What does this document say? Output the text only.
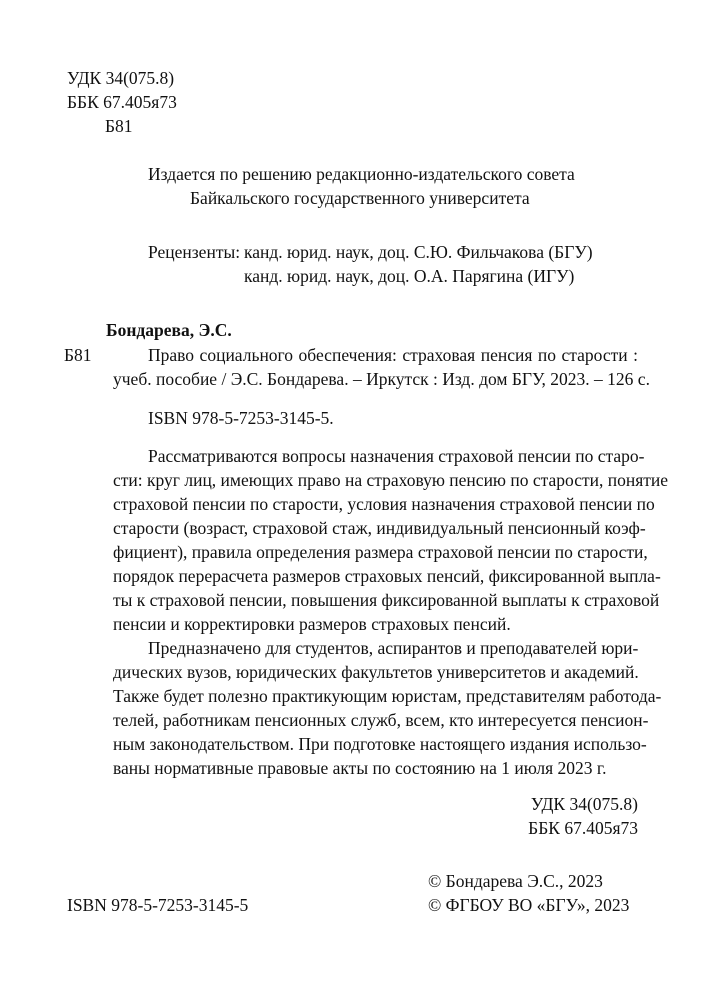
УДК 34(075.8)
ББК 67.405я73
Б81
Издается по решению редакционно-издательского совета
Байкальского государственного университета
Рецензенты: канд. юрид. наук, доц. С.Ю. Фильчакова (БГУ)
канд. юрид. наук, доц. О.А. Парягина (ИГУ)
Бондарева, Э.С.
Б81	Право социального обеспечения: страховая пенсия по старости :
учеб. пособие / Э.С. Бондарева. – Иркутск : Изд. дом БГУ, 2023. – 126 с.
ISBN 978-5-7253-3145-5.
Рассматриваются вопросы назначения страховой пенсии по старо-
сти: круг лиц, имеющих право на страховую пенсию по старости, понятие
страховой пенсии по старости, условия назначения страховой пенсии по
старости (возраст, страховой стаж, индивидуальный пенсионный коэф-
фициент), правила определения размера страховой пенсии по старости,
порядок перерасчета размеров страховых пенсий, фиксированной выпла-
ты к страховой пенсии, повышения фиксированной выплаты к страховой
пенсии и корректировки размеров страховых пенсий.
Предназначено для студентов, аспирантов и преподавателей юри-
дических вузов, юридических факультетов университетов и академий.
Также будет полезно практикующим юристам, представителям работода-
телей, работникам пенсионных служб, всем, кто интересуется пенсион-
ным законодательством. При подготовке настоящего издания использо-
ваны нормативные правовые акты по состоянию на 1 июля 2023 г.
УДК 34(075.8)
ББК 67.405я73
ISBN 978-5-7253-3145-5
© Бондарева Э.С., 2023
© ФГБОУ ВО «БГУ», 2023
